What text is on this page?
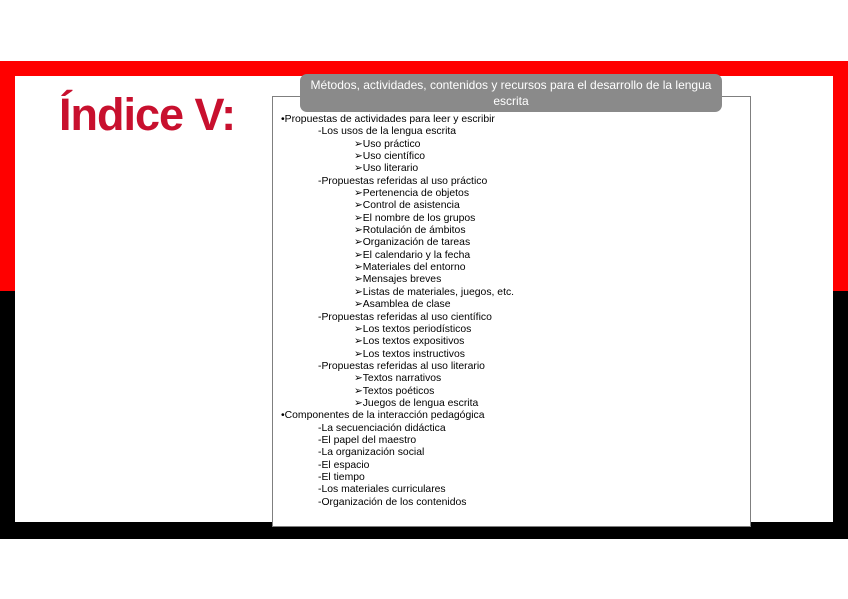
Índice V:
Métodos, actividades, contenidos y recursos para el desarrollo de la lengua escrita
•Propuestas de actividades para leer y escribir
-Los usos de la lengua escrita
➢Uso práctico
➢Uso científico
➢Uso literario
-Propuestas referidas al uso práctico
➢Pertenencia de objetos
➢Control de asistencia
➢El nombre de los grupos
➢Rotulación de ámbitos
➢Organización de tareas
➢El calendario y la fecha
➢Materiales del entorno
➢Mensajes breves
➢Listas de materiales, juegos, etc.
➢Asamblea de clase
-Propuestas referidas al uso científico
➢Los textos periodísticos
➢Los textos expositivos
➢Los textos instructivos
-Propuestas referidas al uso literario
➢Textos narrativos
➢Textos poéticos
➢Juegos de lengua escrita
•Componentes de la interacción pedagógica
-La secuenciación didáctica
-El papel del maestro
-La organización social
-El espacio
-El tiempo
-Los materiales curriculares
-Organización de los contenidos
